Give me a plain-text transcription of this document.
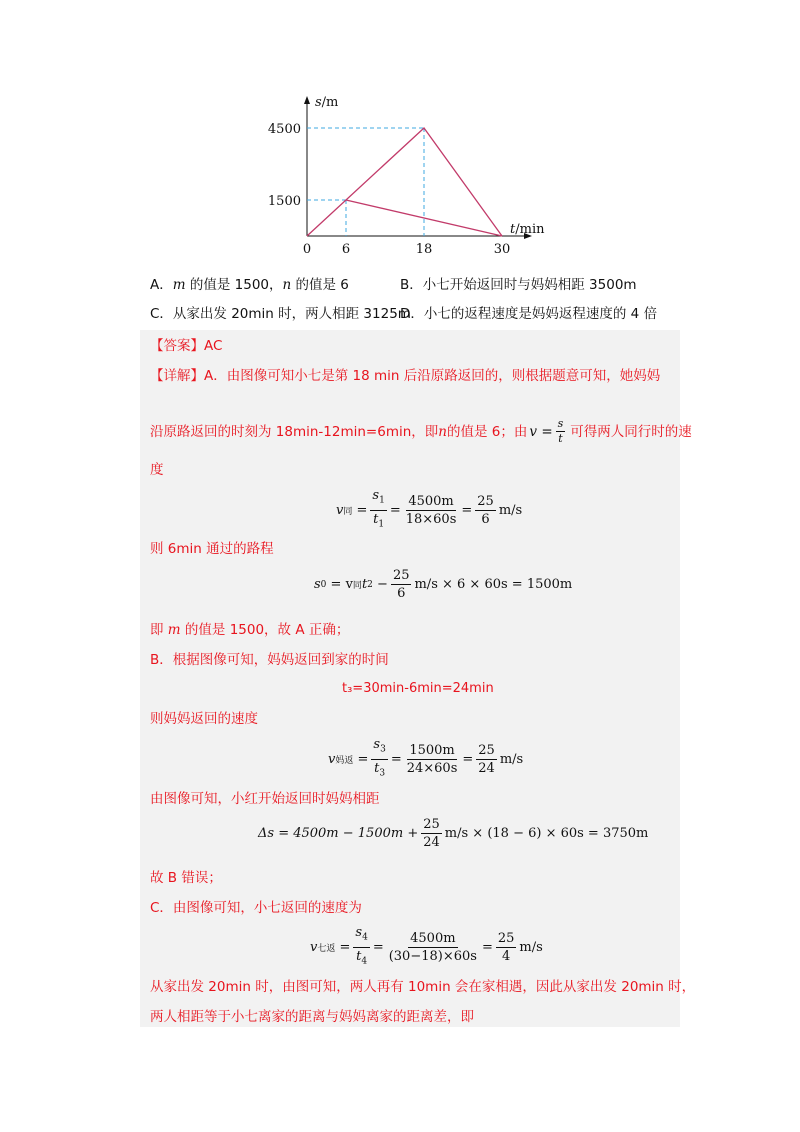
0 6	18	30
4500
1500
s/m
t/min
A．m 的值是 1500，n 的值是 6	B．小七开始返回时与妈妈相距 3500m
C．从家出发 20min 时，两人相距 3125m
D．小七的返程速度是妈妈返程速度的 4 倍
【答案】AC
【详解】A．由图像可知小七是第 18 min 后沿原路返回的，则根据题意可知，她妈妈
沿原路返回的时刻为 18min-12min=6min，即 n 的值是 6；由 $v = \frac{s}{t}$ 可得两人同行时的速
度
v 同 = $\frac{s_1}{t_1} = \frac{4500m}{18\times 60s} = \frac{25}{6} m/s$
则 6min 通过的路程
s 0
= v 同 t $2 - \frac{25}{6} m/s \times 6 \times 60s = 1500m$
即 m 的值是 1500，故 A 正确；
B．根据图像可知，妈妈返回到家的时间
t₃=30min-6min=24min
则妈妈返回的速度
v 妈返 = $\frac{s_3}{t_3} = \frac{1500m}{24\times 60s} = \frac{25}{24} m/s$
由图像可知，小红开始返回时妈妈相距
$\Delta s = 4500m - 1500m + \frac{25}{24} m/s \times (18 - 6) \times 60s = 3750m$
故 B 错误；
C．由图像可知，小七返回的速度为
v 七返 = $\frac{s_4}{t_4} = \frac{4500m}{(30-18)\times 60s} = \frac{25}{4} m/s$
从家出发 20min 时，由图可知，两人再有 10min 会在家相遇，因此从家出发 20min 时，
两人相距等于小七离家的距离与妈妈离家的距离差，即
